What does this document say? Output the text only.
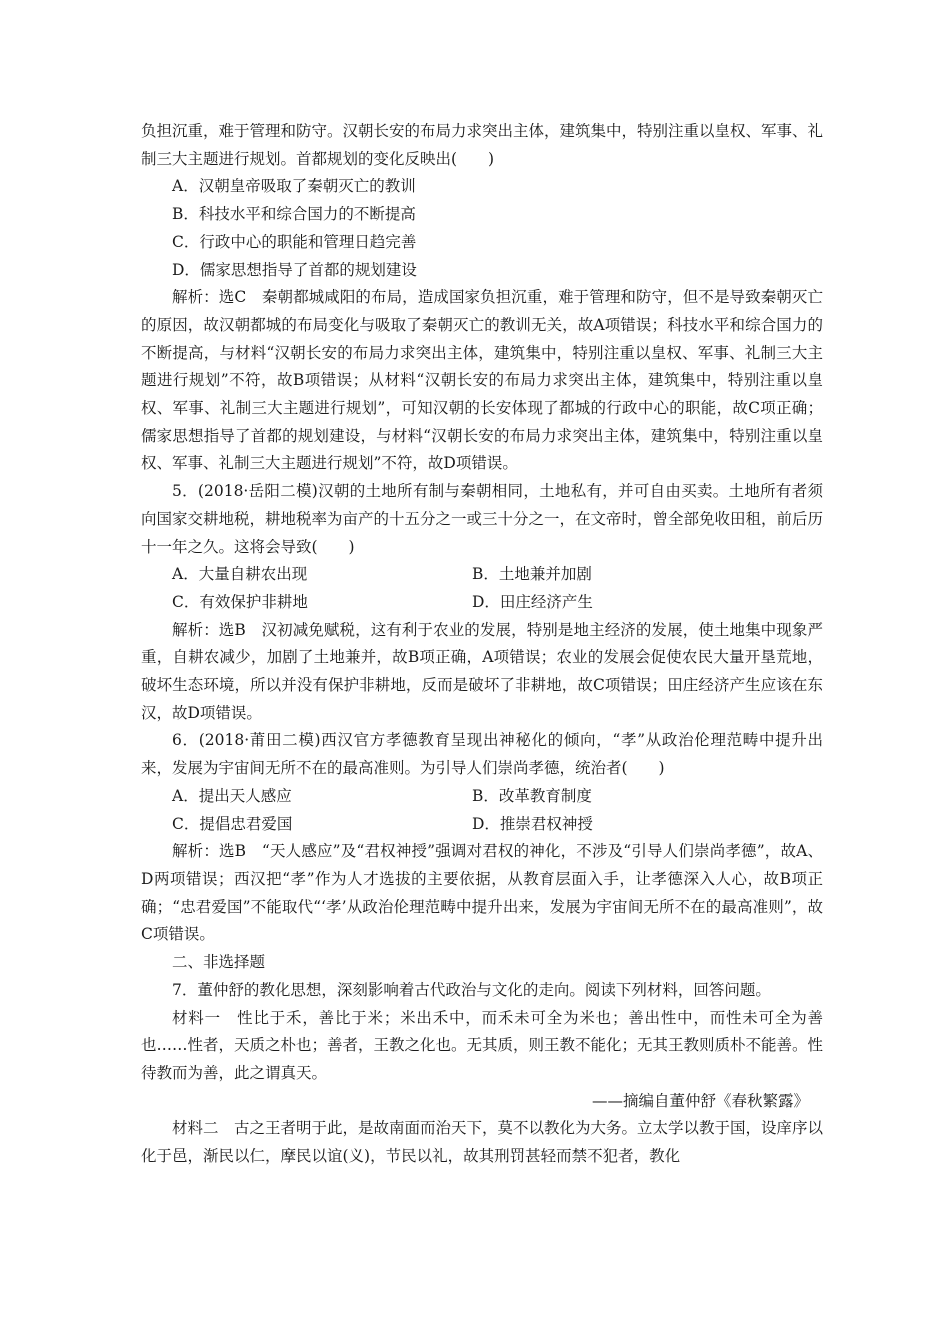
负担沉重，难于管理和防守。汉朝长安的布局力求突出主体，建筑集中，特别注重以皇权、军事、礼制三大主题进行规划。首都规划的变化反映出(　　)

A．汉朝皇帝吸取了秦朝灭亡的教训

B．科技水平和综合国力的不断提高

C．行政中心的职能和管理日趋完善

D．儒家思想指导了首都的规划建设

解析：选C　秦朝都城咸阳的布局，造成国家负担沉重，难于管理和防守，但不是导致秦朝灭亡的原因，故汉朝都城的布局变化与吸取了秦朝灭亡的教训无关，故A项错误；科技水平和综合国力的不断提高，与材料“汉朝长安的布局力求突出主体，建筑集中，特别注重以皇权、军事、礼制三大主题进行规划”不符，故B项错误；从材料“汉朝长安的布局力求突出主体，建筑集中，特别注重以皇权、军事、礼制三大主题进行规划”，可知汉朝的长安体现了都城的行政中心的职能，故C项正确；儒家思想指导了首都的规划建设，与材料“汉朝长安的布局力求突出主体，建筑集中，特别注重以皇权、军事、礼制三大主题进行规划”不符，故D项错误。

5．(2018·岳阳二模)汉朝的土地所有制与秦朝相同，土地私有，并可自由买卖。土地所有者须向国家交耕地税，耕地税率为亩产的十五分之一或三十分之一，在文帝时，曾全部免收田租，前后历十一年之久。这将会导致(　　)

A．大量自耕农出现	B．土地兼并加剧
C．有效保护非耕地	D．田庄经济产生

解析：选B　汉初减免赋税，这有利于农业的发展，特别是地主经济的发展，使土地集中现象严重，自耕农减少，加剧了土地兼并，故B项正确，A项错误；农业的发展会促使农民大量开垦荒地，破坏生态环境，所以并没有保护非耕地，反而是破坏了非耕地，故C项错误；田庄经济产生应该在东汉，故D项错误。

6．(2018·莆田二模)西汉官方孝德教育呈现出神秘化的倾向，“孝”从政治伦理范畴中提升出来，发展为宇宙间无所不在的最高准则。为引导人们崇尚孝德，统治者(　　)

A．提出天人感应	B．改革教育制度
C．提倡忠君爱国	D．推崇君权神授

解析：选B　“天人感应”及“君权神授”强调对君权的神化，不涉及“引导人们崇尚孝德”，故A、D两项错误；西汉把“孝”作为人才选拔的主要依据，从教育层面入手，让孝德深入人心，故B项正确；“忠君爱国”不能取代“‘孝’从政治伦理范畴中提升出来，发展为宇宙间无所不在的最高准则”，故C项错误。

二、非选择题

7．董仲舒的教化思想，深刻影响着古代政治与文化的走向。阅读下列材料，回答问题。

材料一　性比于禾，善比于米；米出禾中，而禾未可全为米也；善出性中，而性未可全为善也……性者，天质之朴也；善者，王教之化也。无其质，则王教不能化；无其王教则质朴不能善。性待教而为善，此之谓真天。

——摘编自董仲舒《春秋繁露》

材料二　古之王者明于此，是故南面而治天下，莫不以教化为大务。立太学以教于国，设庠序以化于邑，渐民以仁，摩民以谊(义)，节民以礼，故其刑罚甚轻而禁不犯者，教化
